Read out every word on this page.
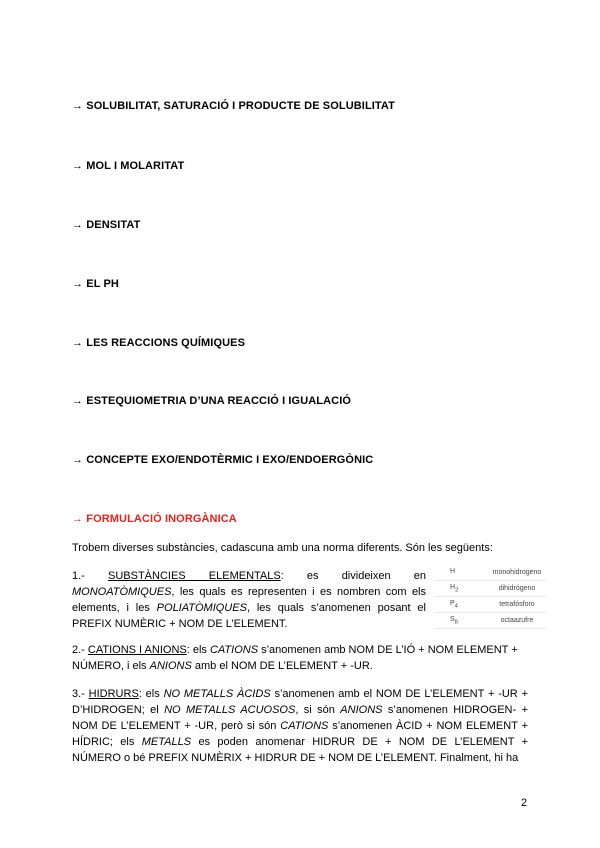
→ SOLUBILITAT, SATURACIÓ I PRODUCTE DE SOLUBILITAT
→ MOL I MOLARITAT
→ DENSITAT
→ EL PH
→ LES REACCIONS QUÍMIQUES
→ ESTEQUIOMETRIA D’UNA REACCIÓ I IGUALACIÓ
→ CONCEPTE EXO/ENDOTÈRMIC I EXO/ENDOERGÒNIC
→ FORMULACIÓ INORGÀNICA
Trobem diverses substàncies, cadascuna amb una norma diferents. Són les següents:
1.- SUBSTÀNCIES ELEMENTALS: es divideixen en
MONOATÒMIQUES, les quals es representen i es nombren com els elements, i les POLIATÒMIQUES, les quals s’anomenen posant el PREFIX NUMÈRIC + NOM DE L’ELEMENT.
H	monohidrogeno
$H_2$	dihidrógeno
$P_4$	tetrafósforo
$S_8$	octaazufre
2.- CATIONS I ANIONS: els CATIONS s’anomenen amb NOM DE L’IÓ + NOM ELEMENT + NÚMERO, i els ANIONS amb el NOM DE L’ELEMENT + -UR.
3.- HIDRURS: els NO METALLS ÀCIDS s’anomenen amb el NOM DE L’ELEMENT + -UR + D’HIDROGEN; el NO METALLS ACUOSOS, si són ANIONS s’anomenen HIDROGEN- + NOM DE L’ELEMENT + -UR, però si són CATIONS s’anomenen ÀCID + NOM ELEMENT + HÍDRIC; els METALLS es poden anomenar HIDRUR DE + NOM DE L’ELEMENT + NÚMERO o bé PREFIX NUMÈRIX + HIDRUR DE + NOM DE L’ELEMENT. Finalment, hi ha
2
